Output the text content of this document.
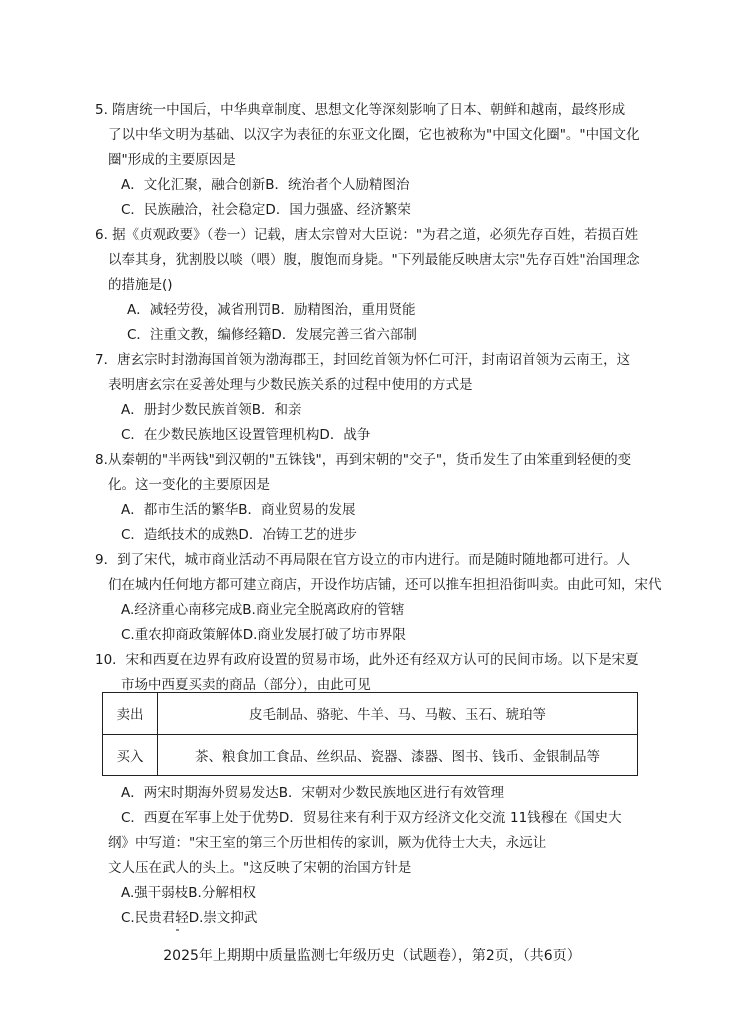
5. 隋唐统一中国后，中华典章制度、思想文化等深刻影响了日本、朝鲜和越南，最终形成
了以中华文明为基础、以汉字为表征的东亚文化圈，它也被称为"中国文化圈"。"中国文化
圈"形成的主要原因是
A．文化汇聚，融合创新B．统治者个人励精图治
C．民族融洽，社会稳定D．国力强盛、经济繁荣
6. 据《贞观政要》（卷一）记载，唐太宗曾对大臣说："为君之道，必须先存百姓，若损百姓
以奉其身，犹割股以啖（喂）腹，腹饱而身毙。"下列最能反映唐太宗"先存百姓"治国理念
的措施是()
A．减轻劳役，减省刑罚B．励精图治，重用贤能
C．注重文教，编修经籍D．发展完善三省六部制
7．唐玄宗时封渤海国首领为渤海郡王，封回纥首领为怀仁可汗，封南诏首领为云南王，这
表明唐玄宗在妥善处理与少数民族关系的过程中使用的方式是
A．册封少数民族首领B．和亲
C．在少数民族地区设置管理机构D．战争
8.从秦朝的"半两钱"到汉朝的"五铢钱"，再到宋朝的"交子"，货币发生了由笨重到轻便的变
化。这一变化的主要原因是
A．都市生活的繁华B．商业贸易的发展
C．造纸技术的成熟D．冶铸工艺的进步
9．到了宋代，城市商业活动不再局限在官方设立的市内进行。而是随时随地都可进行。人
们在城内任何地方都可建立商店，开设作坊店铺，还可以推车担担沿街叫卖。由此可知，宋代
A.经济重心南移完成B.商业完全脱离政府的管辖
C.重农抑商政策解体D.商业发展打破了坊市界限
10．宋和西夏在边界有政府设置的贸易市场，此外还有经双方认可的民间市场。以下是宋夏
市场中西夏买卖的商品（部分），由此可见
卖出	皮毛制品、骆驼、牛羊、马、马鞍、玉石、琥珀等
买入	茶、粮食加工食品、丝织品、瓷器、漆器、图书、钱币、金银制品等
A．两宋时期海外贸易发达B．宋朝对少数民族地区进行有效管理
C．西夏在军事上处于优势D．贸易往来有利于双方经济文化交流 11钱穆在《国史大
纲》中写道："宋王室的第三个历世相传的家训，厥为优待士大夫，永远让
文人压在武人的头上。"这反映了宋朝的治国方针是
A.强干弱枝B.分解相权
C.民贵君轻D.崇文抑武
2025年上期期中质量监测七年级历史（试题卷），第2页，（共6页）
